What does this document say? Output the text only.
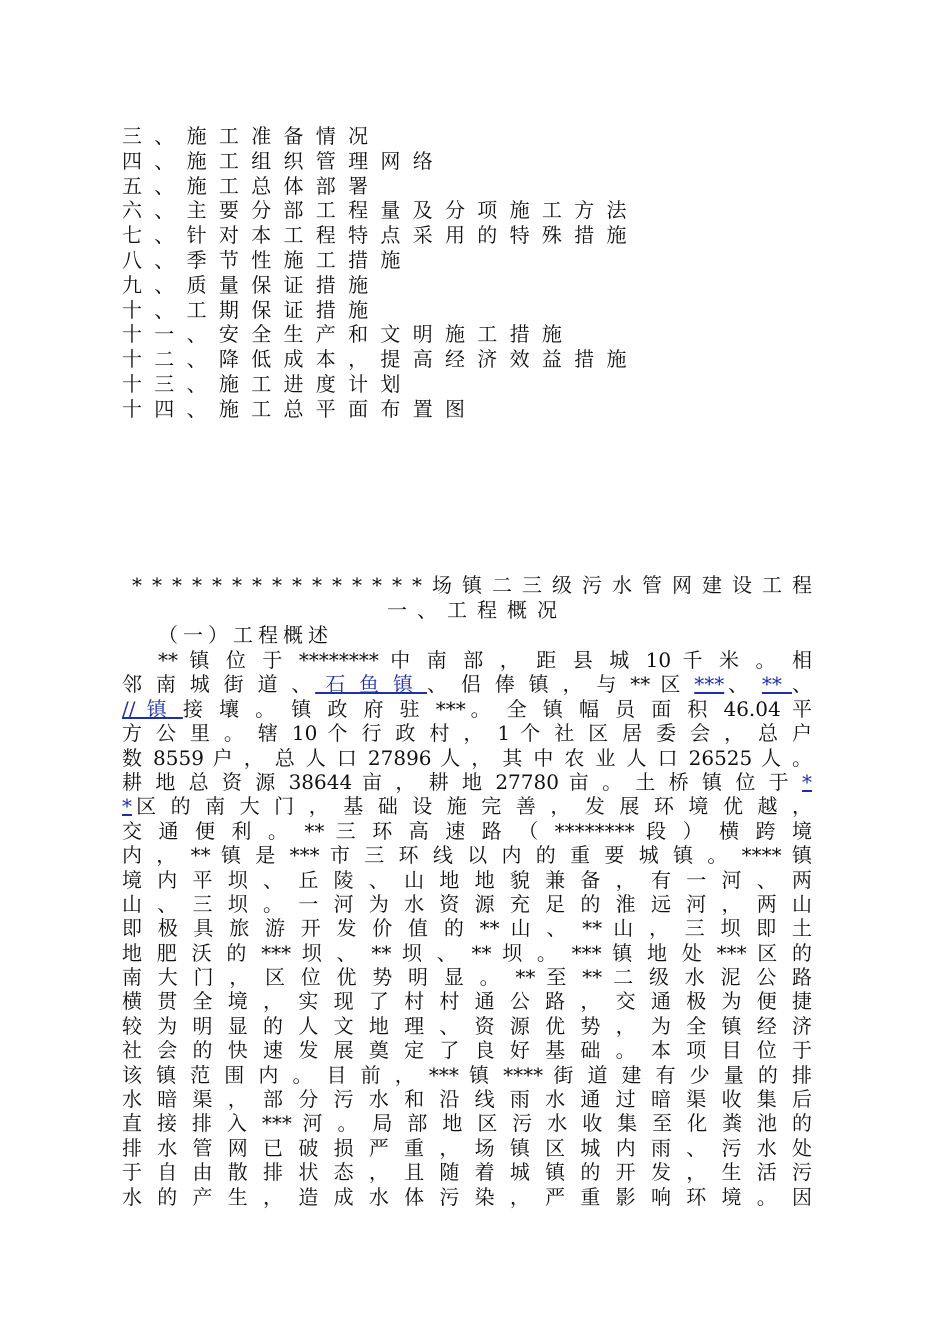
三、施工准备情况
四、施工组织管理网络
五、施工总体部署
六、主要分部工程量及分项施工方法
七、针对本工程特点采用的特殊措施
八、季节性施工措施
九、质量保证措施
十、工期保证措施
十一、安全生产和文明施工措施
十二、降低成本，提高经济效益措施
十三、施工进度计划
十四、施工总平面布置图
***************场镇二三级污水管网建设工程
一、工程概况
（一）工程概述
** 镇 位 于 ******** 中 南 部 ， 距 县 城 10 千 米 。 相
邻 南 城 街 道 、 石 鱼 镇 、 侣 俸 镇 ， 与 ** 区 ***、 ** 、
// 镇 接 壤 。 镇 政 府 驻 ***。 全 镇 幅 员 面 积 46.04 平
方 公 里 。 辖 10 个 行 政 村 ， 1 个 社 区 居 委 会 ， 总 户
数 8559 户 ， 总 人 口 27896 人 ， 其 中 农 业 人 口 26525 人 。
耕 地 总 资 源 38644 亩 ， 耕 地 27780 亩 。 土 桥 镇 位 于 *
*区 的 南 大 门 ， 基 础 设 施 完 善 ， 发 展 环 境 优 越 ，
交 通 便 利 。 ** 三 环 高 速 路 （ ******** 段 ） 横 跨 境
内 ， ** 镇 是 *** 市 三 环 线 以 内 的 重 要 城 镇 。 **** 镇
境 内 平 坝 、 丘 陵 、 山 地 地 貌 兼 备 ， 有 一 河 、 两
山 、 三 坝 。 一 河 为 水 资 源 充 足 的 淮 远 河 ， 两 山
即 极 具 旅 游 开 发 价 值 的 ** 山 、 ** 山 ， 三 坝 即 土
地 肥 沃 的 *** 坝 、 ** 坝 、 ** 坝 。 *** 镇 地 处 *** 区 的
南 大 门 ， 区 位 优 势 明 显 。 ** 至 ** 二 级 水 泥 公 路
横 贯 全 境 ， 实 现 了 村 村 通 公 路 ， 交 通 极 为 便 捷
较 为 明 显 的 人 文 地 理 、 资 源 优 势 ， 为 全 镇 经 济
社 会 的 快 速 发 展 奠 定 了 良 好 基 础 。 本 项 目 位 于
该 镇 范 围 内 。 目 前 ， *** 镇 **** 街 道 建 有 少 量 的 排
水 暗 渠 ， 部 分 污 水 和 沿 线 雨 水 通 过 暗 渠 收 集 后
直 接 排 入 *** 河 。 局 部 地 区 污 水 收 集 至 化 粪 池 的
排 水 管 网 已 破 损 严 重 ， 场 镇 区 城 内 雨 、 污 水 处
于 自 由 散 排 状 态 ， 且 随 着 城 镇 的 开 发 ， 生 活 污
水 的 产 生 ， 造 成 水 体 污 染 ， 严 重 影 响 环 境 。 因
